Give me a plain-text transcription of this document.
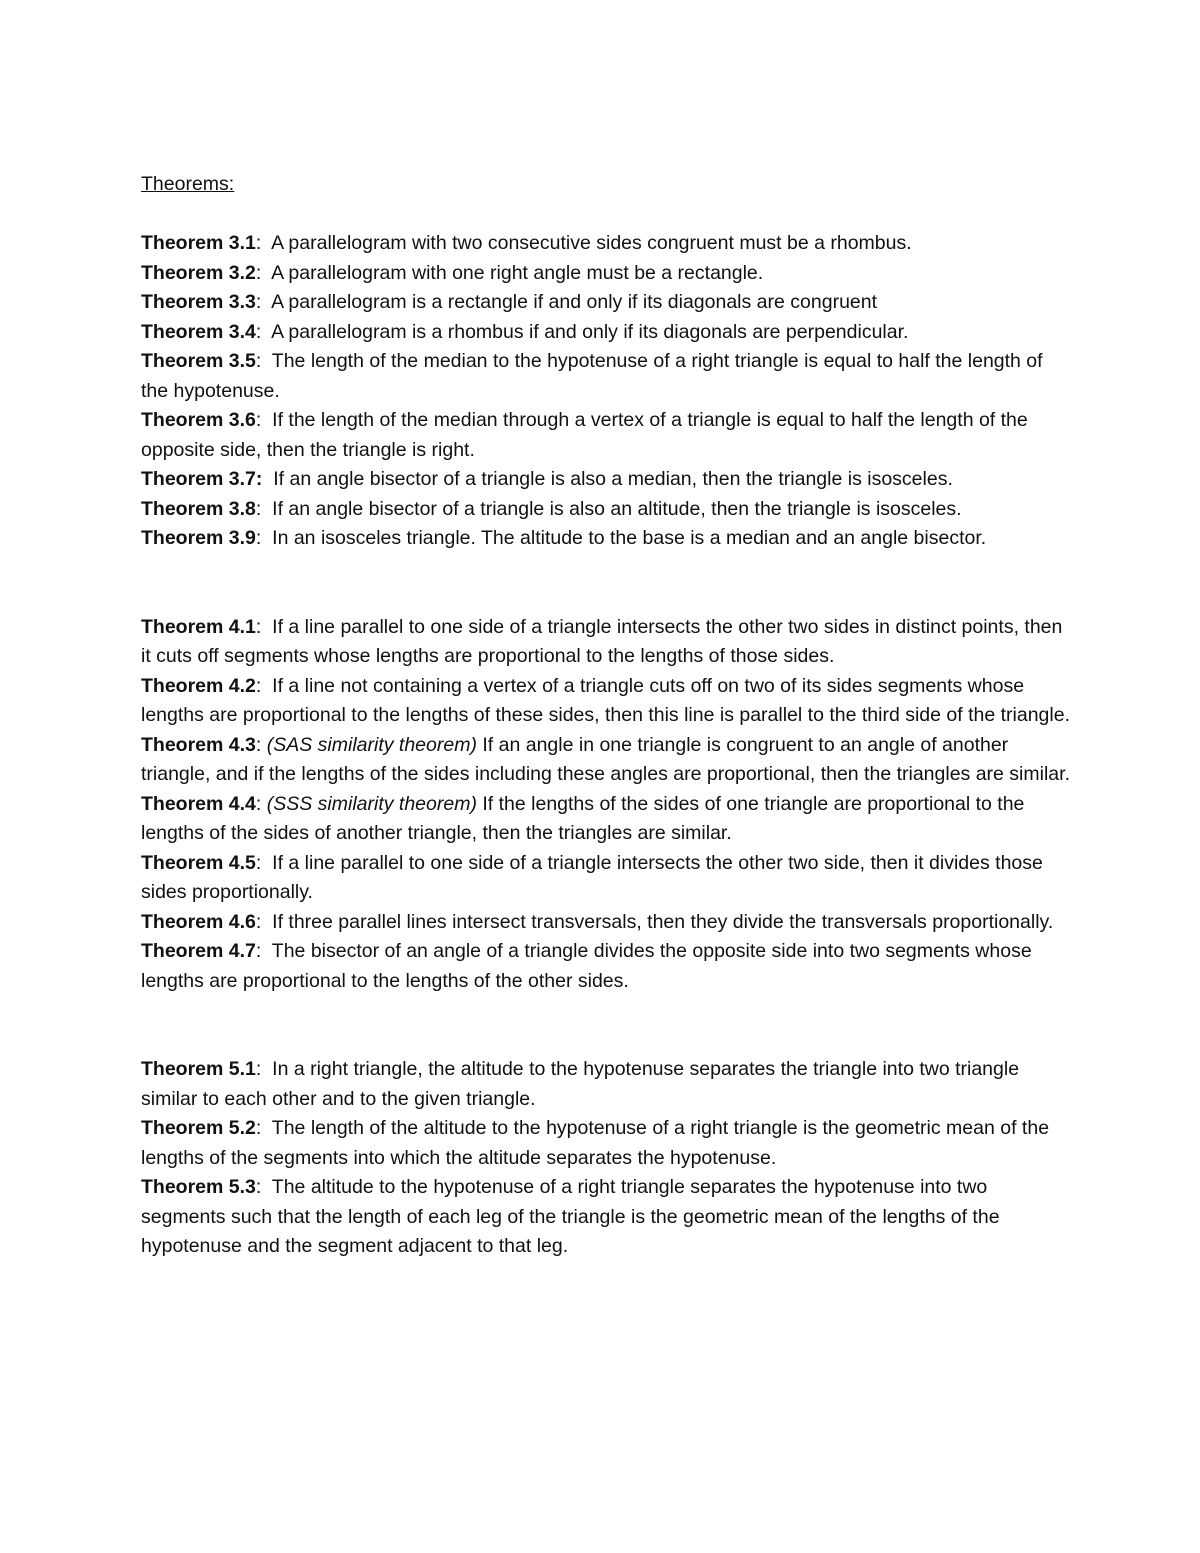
Theorems:
Theorem 3.1:  A parallelogram with two consecutive sides congruent must be a rhombus.
Theorem 3.2:  A parallelogram with one right angle must be a rectangle.
Theorem 3.3:  A parallelogram is a rectangle if and only if its diagonals are congruent
Theorem 3.4:  A parallelogram is a rhombus if and only if its diagonals are perpendicular.
Theorem 3.5:  The length of the median to the hypotenuse of a right triangle is equal to half the length of the hypotenuse.
Theorem 3.6:  If the length of the median through a vertex of a triangle is equal to half the length of the opposite side, then the triangle is right.
Theorem 3.7:  If an angle bisector of a triangle is also a median, then the triangle is isosceles.
Theorem 3.8:  If an angle bisector of a triangle is also an altitude, then the triangle is isosceles.
Theorem 3.9:  In an isosceles triangle. The altitude to the base is a median and an angle bisector.
Theorem 4.1:  If a line parallel to one side of a triangle intersects the other two sides in distinct points, then it cuts off segments whose lengths are proportional to the lengths of those sides.
Theorem 4.2:  If a line not containing a vertex of a triangle cuts off on two of its sides segments whose lengths are proportional to the lengths of these sides, then this line is parallel to the third side of the triangle.
Theorem 4.3: (SAS similarity theorem) If an angle in one triangle is congruent to an angle of another triangle, and if the lengths of the sides including these angles are proportional, then the triangles are similar.
Theorem 4.4: (SSS similarity theorem) If the lengths of the sides of one triangle are proportional to the lengths of the sides of another triangle, then the triangles are similar.
Theorem 4.5:  If a line parallel to one side of a triangle intersects the other two side, then it divides those sides proportionally.
Theorem 4.6:  If three parallel lines intersect transversals, then they divide the transversals proportionally.
Theorem 4.7:  The bisector of an angle of a triangle divides the opposite side into two segments whose lengths are proportional to the lengths of the other sides.
Theorem 5.1:  In a right triangle, the altitude to the hypotenuse separates the triangle into two triangle similar to each other and to the given triangle.
Theorem 5.2:  The length of the altitude to the hypotenuse of a right triangle is the geometric mean of the lengths of the segments into which the altitude separates the hypotenuse.
Theorem 5.3:  The altitude to the hypotenuse of a right triangle separates the hypotenuse into two segments such that the length of each leg of the triangle is the geometric mean of the lengths of the hypotenuse and the segment adjacent to that leg.
